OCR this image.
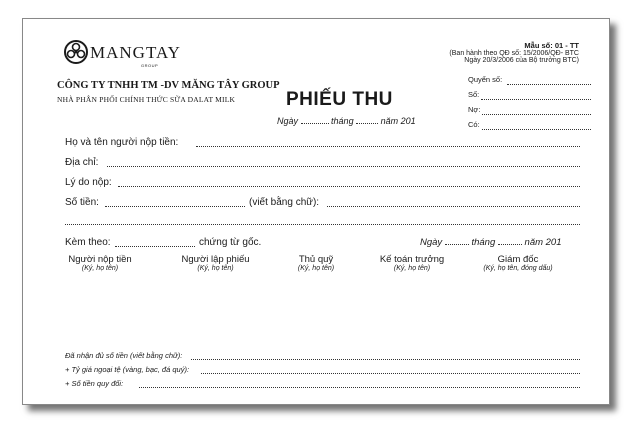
MANGTAY
GROUP
CÔNG TY TNHH TM -DV MĂNG TÂY GROUP
NHÀ PHÂN PHỐI CHÍNH THỨC SỮA DALAT MILK
Mẫu số: 01 - TT
(Ban hành theo QĐ số: 15/2006/QĐ- BTC
Ngày 20/3/2006 của Bộ trưởng BTC)
Quyển số:
Số:
Nợ:
Có:
PHIẾU THU
Ngày	tháng	năm 201
Họ và tên người nộp tiền:
Địa chỉ:
Lý do nộp:
Số tiền:	(viết bằng chữ):
Kèm theo:	chứng từ gốc.	Ngày	tháng	năm 201
Người nộp tiền
(Ký, họ tên)
Người lập phiếu
(Ký, họ tên)
Thủ quỹ
(Ký, họ tên)
Kế toán trưởng
(Ký, họ tên)
Giám đốc
(Ký, họ tên, đóng dấu)
Đã nhận đủ số tiền (viết bằng chữ):
+ Tỷ giá ngoại tệ (vàng, bạc, đá quý):
+ Số tiền quy đổi:
